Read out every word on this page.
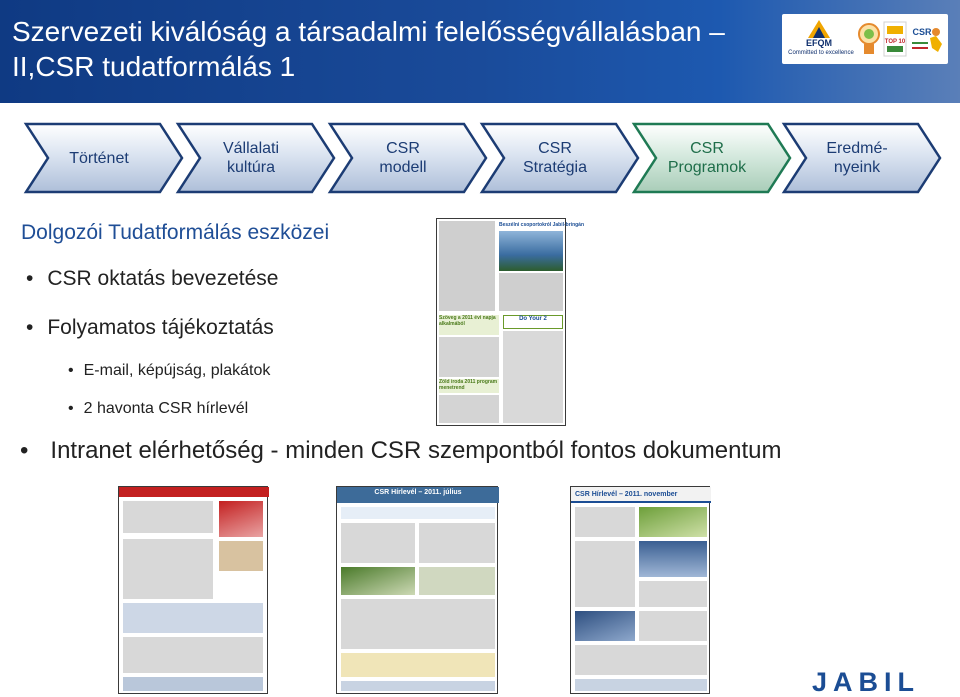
Szervezeti kiválóság a társadalmi felelősségvállalásban – II,CSR tudatformálás 1
EFQM
Committed to excellence
TOP 10
CSR
Történet
Vállalati
kultúra
CSR
modell
CSR
Stratégia
CSR
Programok
Eredmé-
nyeink
Dolgozói Tudatformálás eszközei
• CSR oktatás bevezetése
• Folyamatos tájékoztatás
• E-mail, képújság, plakátok
• 2 havonta CSR hírlevél
• Intranet elérhetőség - minden CSR szempontból fontos dokumentum
Beszélni csoportokról Jabil-bringán
Szöveg a 2011 évi napja alkalmából
Zöld iroda 2011 program menetrend
Do Your 2
CSR Hírlevél – 2011. július	CSR Hírlevél – 2011. november
JABIL
